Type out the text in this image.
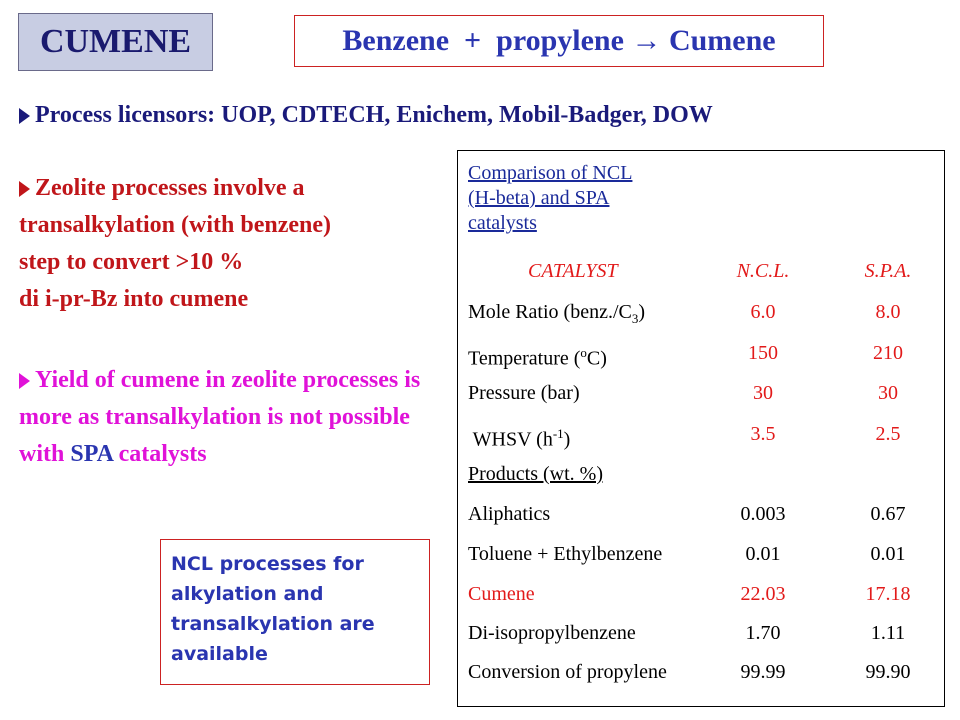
CUMENE	Benzene  +  propylene → Cumene
Process licensors: UOP, CDTECH, Enichem, Mobil-Badger, DOW
Zeolite processes involve a
transalkylation (with benzene)
step to convert >10 %
di i-pr-Bz into cumene
Yield of cumene in zeolite processes is more as transalkylation is not possible with SPA catalysts
NCL processes for alkylation and transalkylation are available
Comparison of NCL
(H-beta) and SPA
catalysts
CATALYST	N.C.L.	S.P.A.
Mole Ratio $(benz./C_3)$	6.0	8.0
Temperature ($^o$C)	150	210
Pressure (bar)	30	30
WHSV $(h^{-1})$	3.5	2.5
Products (wt. %)
Aliphatics	0.003	0.67
Toluene + Ethylbenzene	0.01	0.01
Cumene	22.03	17.18
Di-isopropylbenzene	1.70	1.11
Conversion of propylene	99.99	99.90
